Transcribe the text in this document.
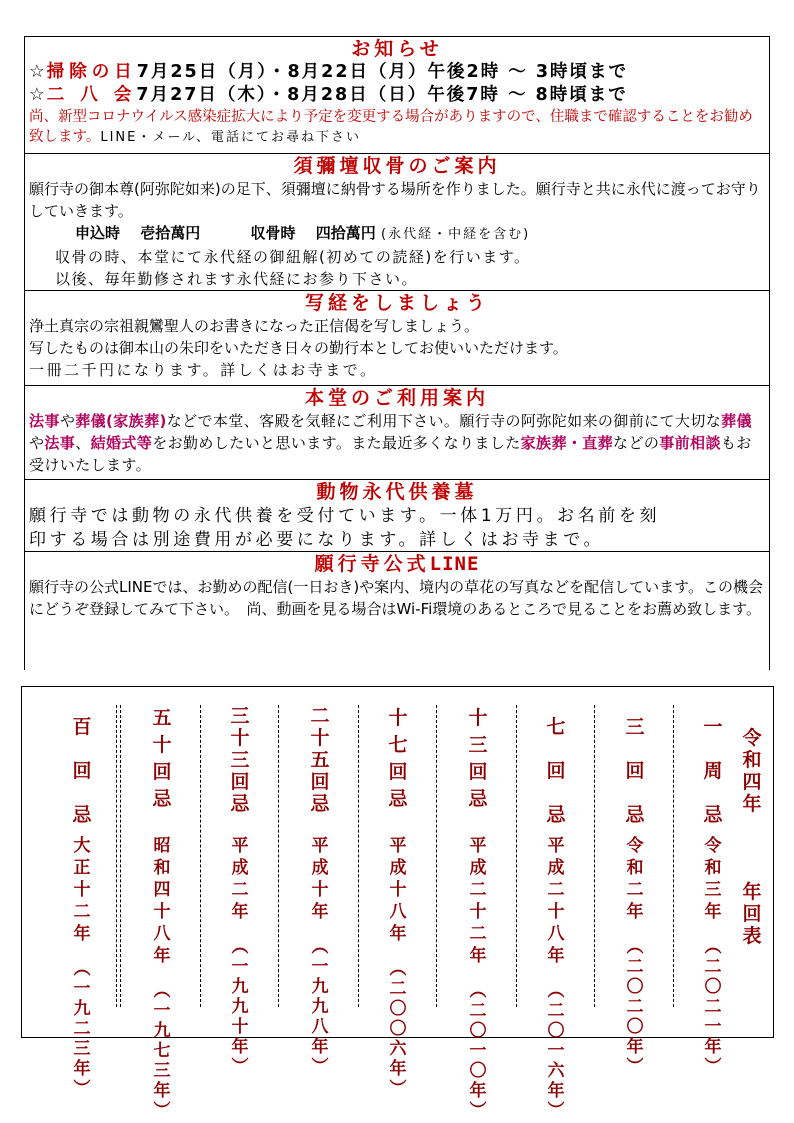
お知らせ
☆掃除の日7月25日（月）・8月22日（月）午後2時 ～ 3時頃まで
☆二 八 会7月27日（木）・8月28日（日）午後7時 ～ 8時頃まで
尚、新型コロナウイルス感染症拡大により予定を変更する場合がありますので、住職まで確認することをお勧め致します。LINE・メール、電話にてお尋ね下さい
須彌壇収骨のご案内
願行寺の御本尊(阿弥陀如来)の足下、須彌壇に納骨する場所を作りました。願行寺と共に永代に渡ってお守りしていきます。
申込時　 壱拾萬円　　　	収骨時　 四拾萬円 (永代経・中経を含む)
収骨の時、本堂にて永代経の御紐解(初めての読経)を行います。
以後、毎年勤修されます永代経にお参り下さい。
写経をしましょう
浄土真宗の宗祖親鸞聖人のお書きになった正信偈を写しましょう。
写したものは御本山の朱印をいただき日々の勤行本としてお使いいただけます。
一冊二千円になります。詳しくはお寺まで。
本堂のご利用案内
法事や葬儀(家族葬)などで本堂、客殿を気軽にご利用下さい。願行寺の阿弥陀如来の御前にて大切な葬儀や法事、結婚式等をお勤めしたいと思います。また最近多くなりました家族葬・直葬などの事前相談もお受けいたします。
動物永代供養墓
願行寺では動物の永代供養を受付ています。一体1万円。お名前を刻
印する場合は別途費用が必要になります。詳しくはお寺まで。
願行寺公式LINE
願行寺の公式LINEでは、お勤めの配信(一日おき)や案内、境内の草花の写真などを配信しています。この機会にどうぞ登録してみて下さい。　尚、動画を見る場合はWi-Fi環境のあるところで見ることをお薦め致します。
令
和
四
年
年
回
表
一
周
忌
令
和
三
年
︵
二
〇
二
一
年
︶
三
回
忌
令
和
二
年
︵
二
〇
二
〇
年
︶
七
回
忌
平
成
二
十
八
年
︵
二
〇
一
六
年
︶
十
三
回
忌
平
成
二
十
二
年
︵
二
〇
一
〇
年
︶
十
七
回
忌
平
成
十
八
年
︵
二
〇
〇
六
年
︶
二
十
五
回
忌
平
成
十
年
︵
一
九
九
八
年
︶
三
十
三
回
忌
平
成
二
年
︵
一
九
九
十
年
︶
五
十
回
忌
昭
和
四
十
八
年
︵
一
九
七
三
年
︶
百
回
忌
大
正
十
二
年
︵
一
九
二
三
年
︶
